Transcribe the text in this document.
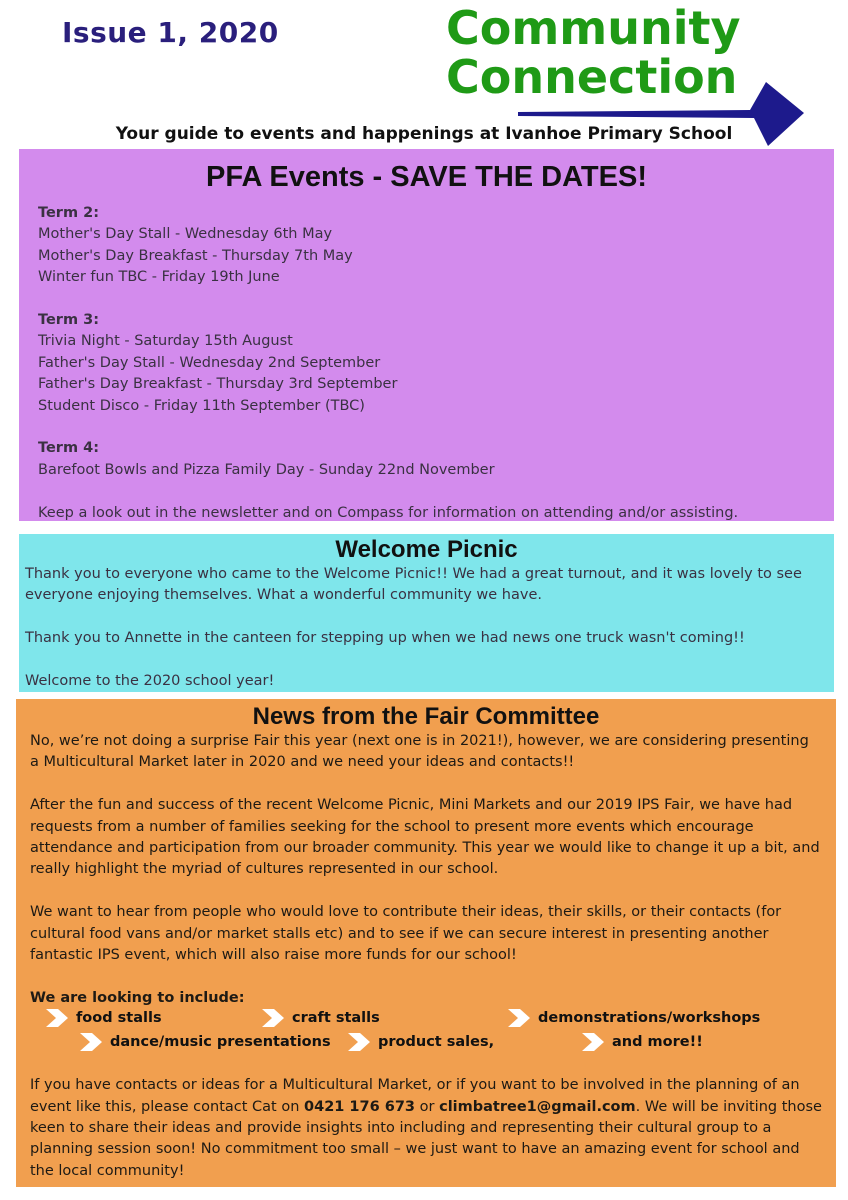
Issue 1, 2020	Community
Connection
Your guide to events and happenings at Ivanhoe Primary School
PFA Events - SAVE THE DATES!

Term 2:

Mother's Day Stall - Wednesday 6th May

Mother's Day Breakfast - Thursday 7th May

Winter fun TBC - Friday 19th June

Term 3:

Trivia Night - Saturday 15th August

Father's Day Stall - Wednesday 2nd September

Father's Day Breakfast - Thursday 3rd September

Student Disco - Friday 11th September (TBC)

Term 4:

Barefoot Bowls and Pizza Family Day - Sunday 22nd November

Keep a look out in the newsletter and on Compass for information on attending and/or assisting.

Welcome Picnic

Thank you to everyone who came to the Welcome Picnic!! We had a great turnout, and it was lovely to see everyone enjoying themselves. What a wonderful community we have.

Thank you to Annette in the canteen for stepping up when we had news one truck wasn't coming!!

Welcome to the 2020 school year!

News from the Fair Committee

No, we’re not doing a surprise Fair this year (next one is in 2021!), however, we are considering presenting a Multicultural Market later in 2020 and we need your ideas and contacts!!

After the fun and success of the recent Welcome Picnic, Mini Markets and our 2019 IPS Fair, we have had requests from a number of families seeking for the school to present more events which encourage attendance and participation from our broader community. This year we would like to change it up a bit, and really highlight the myriad of cultures represented in our school.

We want to hear from people who would love to contribute their ideas, their skills, or their contacts (for cultural food vans and/or market stalls etc) and to see if we can secure interest in presenting another fantastic IPS event, which will also raise more funds for our school!

We are looking to include:

food stalls	craft stalls	demonstrations/workshops
dance/music presentations	product sales,	and more!!

If you have contacts or ideas for a Multicultural Market, or if you want to be involved in the planning of an event like this, please contact Cat on 0421 176 673 or climbatree1@gmail.com. We will be inviting those keen to share their ideas and provide insights into including and representing their cultural group to a planning session soon! No commitment too small – we just want to have an amazing event for school and the local community!
